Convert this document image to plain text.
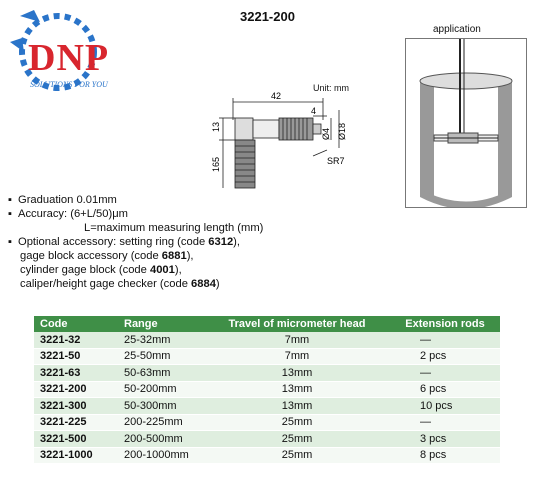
DNP
SOLUTIONS FOR YOU
3221-200
Unit: mm
42
4
13
165
Ø4 Ø18
SR7
application
▪ Graduation 0.01mm
▪ Accuracy: (6+L/50)μm
L=maximum measuring length (mm)
▪ Optional accessory: setting ring (code 6312),
gage block accessory (code 6881),
cylinder gage block (code 4001),
caliper/height gage checker (code 6884)
Code	Range	Travel of micrometer head	Extension rods
3221-32	25-32mm	7mm	—
3221-50	25-50mm	7mm	2 pcs
3221-63	50-63mm	13mm	—
3221-200	50-200mm	13mm	6 pcs
3221-300	50-300mm	13mm	10 pcs
3221-225	200-225mm	25mm	—
3221-500	200-500mm	25mm	3 pcs
3221-1000	200-1000mm	25mm	8 pcs
